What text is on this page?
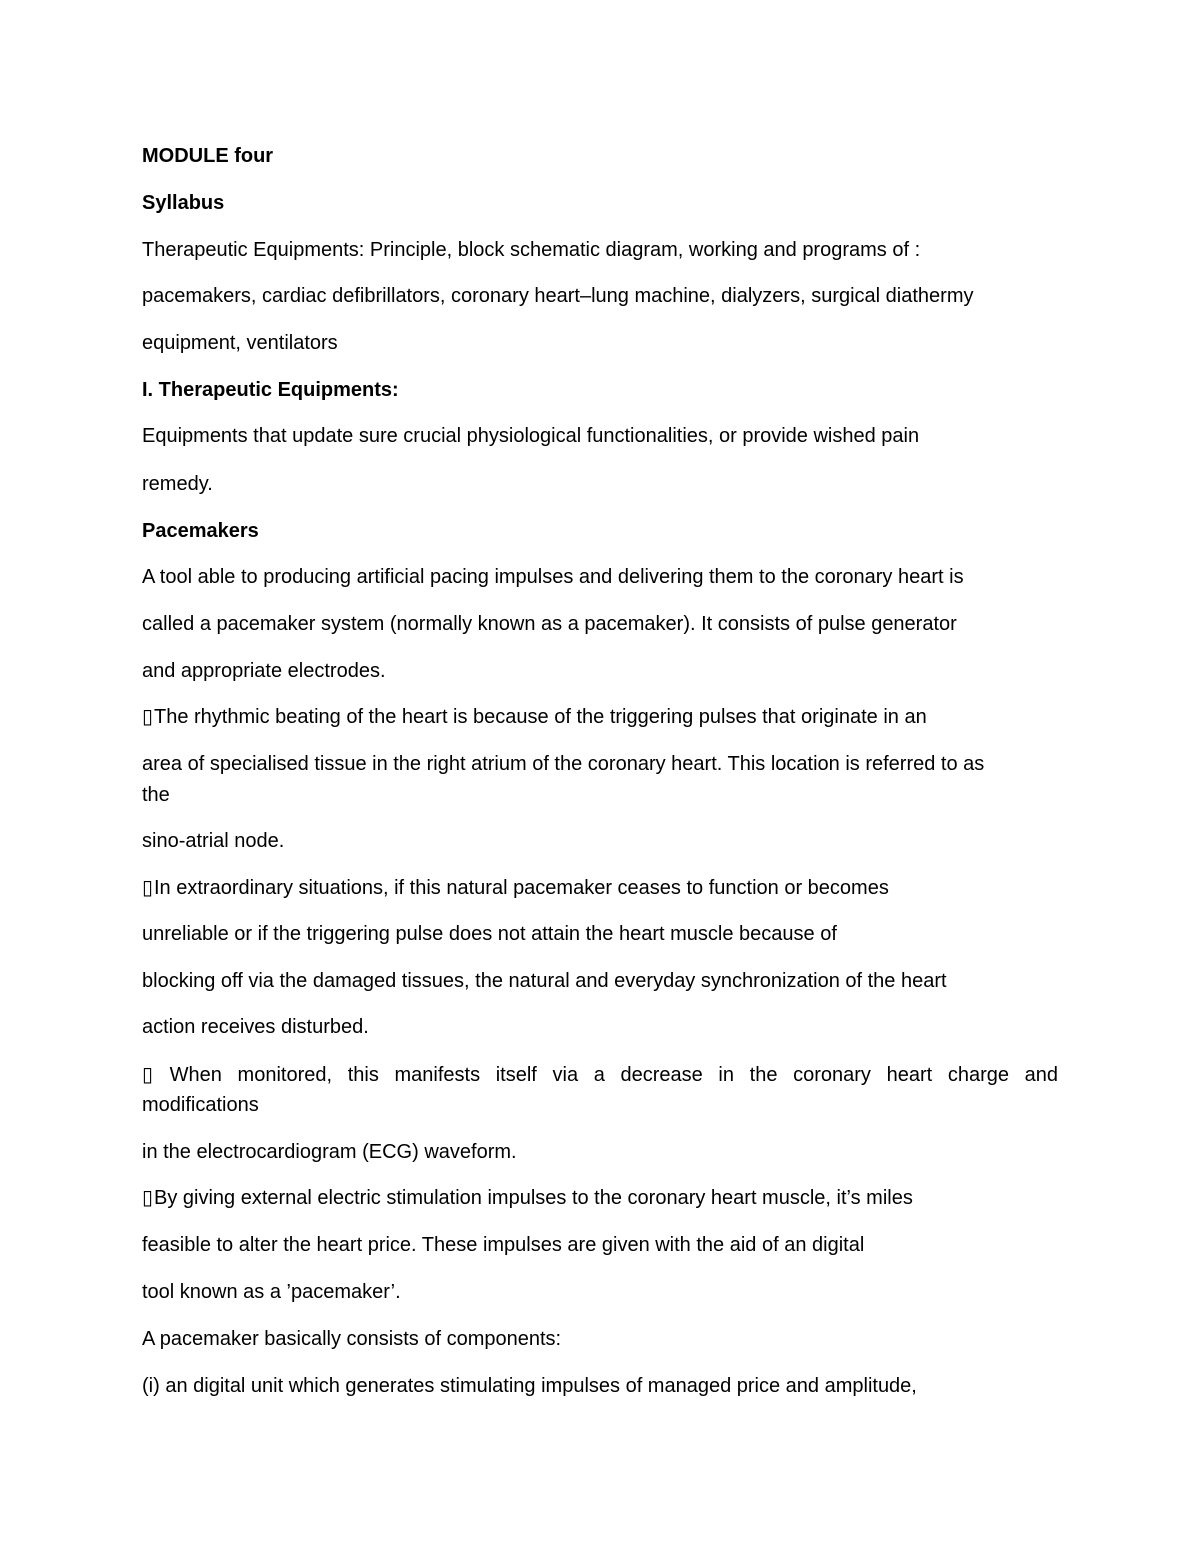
MODULE four

Syllabus

Therapeutic Equipments: Principle, block schematic diagram, working and programs of :

pacemakers, cardiac defibrillators, coronary heart–lung machine, dialyzers, surgical diathermy

equipment, ventilators

I. Therapeutic Equipments:

Equipments that update sure crucial physiological functionalities, or provide wished pain

remedy.

Pacemakers

A tool able to producing artificial pacing impulses and delivering them to the coronary heart is

called a pacemaker system (normally known as a pacemaker). It consists of pulse generator

and appropriate electrodes.

▯The rhythmic beating of the heart is because of the triggering pulses that originate in an

area of specialised tissue in the right atrium of the coronary heart. This location is referred to as

the

sino-atrial node.

▯In extraordinary situations, if this natural pacemaker ceases to function or becomes

unreliable or if the triggering pulse does not attain the heart muscle because of

blocking off via the damaged tissues, the natural and everyday synchronization of the heart

action receives disturbed.

▯ When monitored, this manifests itself via a decrease in the coronary heart charge and

modifications

in the electrocardiogram (ECG) waveform.

▯By giving external electric stimulation impulses to the coronary heart muscle, it’s miles

feasible to alter the heart price. These impulses are given with the aid of an digital

tool known as a ’pacemaker’.

A pacemaker basically consists of components:

(i) an digital unit which generates stimulating impulses of managed price and amplitude,
